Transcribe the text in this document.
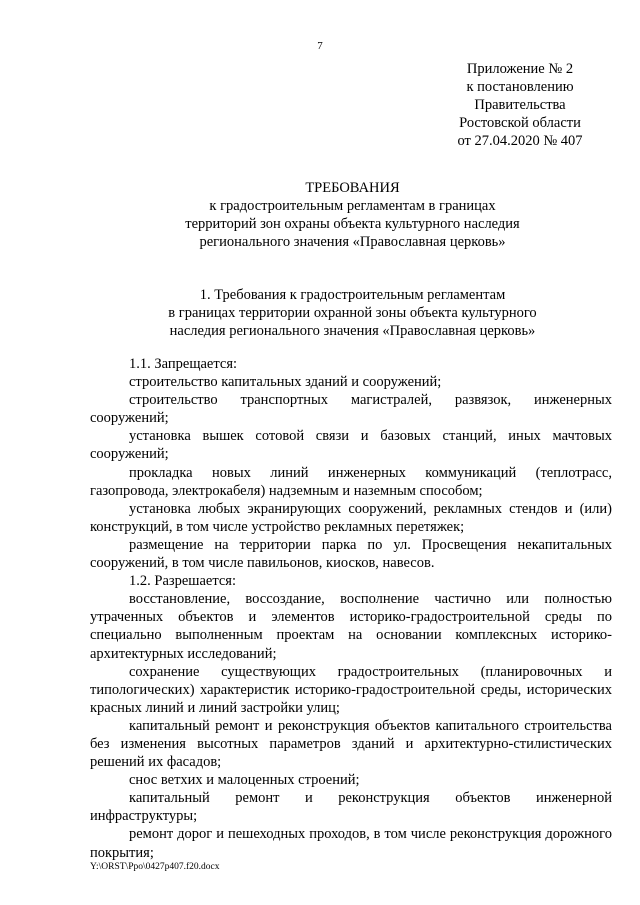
7
Приложение № 2
к постановлению
Правительства
Ростовской области
от 27.04.2020 № 407
ТРЕБОВАНИЯ
к градостроительным регламентам в границах
территорий зон охраны объекта культурного наследия
регионального значения «Православная церковь»
1. Требования к градостроительным регламентам
в границах территории охранной зоны объекта культурного
наследия регионального значения «Православная церковь»

1.1. Запрещается:

строительство капитальных зданий и сооружений;

строительство транспортных магистралей, развязок, инженерных сооружений;

установка вышек сотовой связи и базовых станций, иных мачтовых сооружений;

прокладка новых линий инженерных коммуникаций (теплотрасс, газопровода, электрокабеля) надземным и наземным способом;

установка любых экранирующих сооружений, рекламных стендов и (или) конструкций, в том числе устройство рекламных перетяжек;

размещение на территории парка по ул. Просвещения некапитальных сооружений, в том числе павильонов, киосков, навесов.

1.2. Разрешается:

восстановление, воссоздание, восполнение частично или полностью утраченных объектов и элементов историко-градостроительной среды по специально выполненным проектам на основании комплексных историко-архитектурных исследований;

сохранение существующих градостроительных (планировочных и типологических) характеристик историко-градостроительной среды, исторических красных линий и линий застройки улиц;

капитальный ремонт и реконструкция объектов капитального строительства без изменения высотных параметров зданий и архитектурно-стилистических решений их фасадов;

снос ветхих и малоценных строений;

капитальный ремонт и реконструкция объектов инженерной инфраструктуры;

ремонт дорог и пешеходных проходов, в том числе реконструкция дорожного покрытия;

Y:\ORST\Ppo\0427p407.f20.docx
